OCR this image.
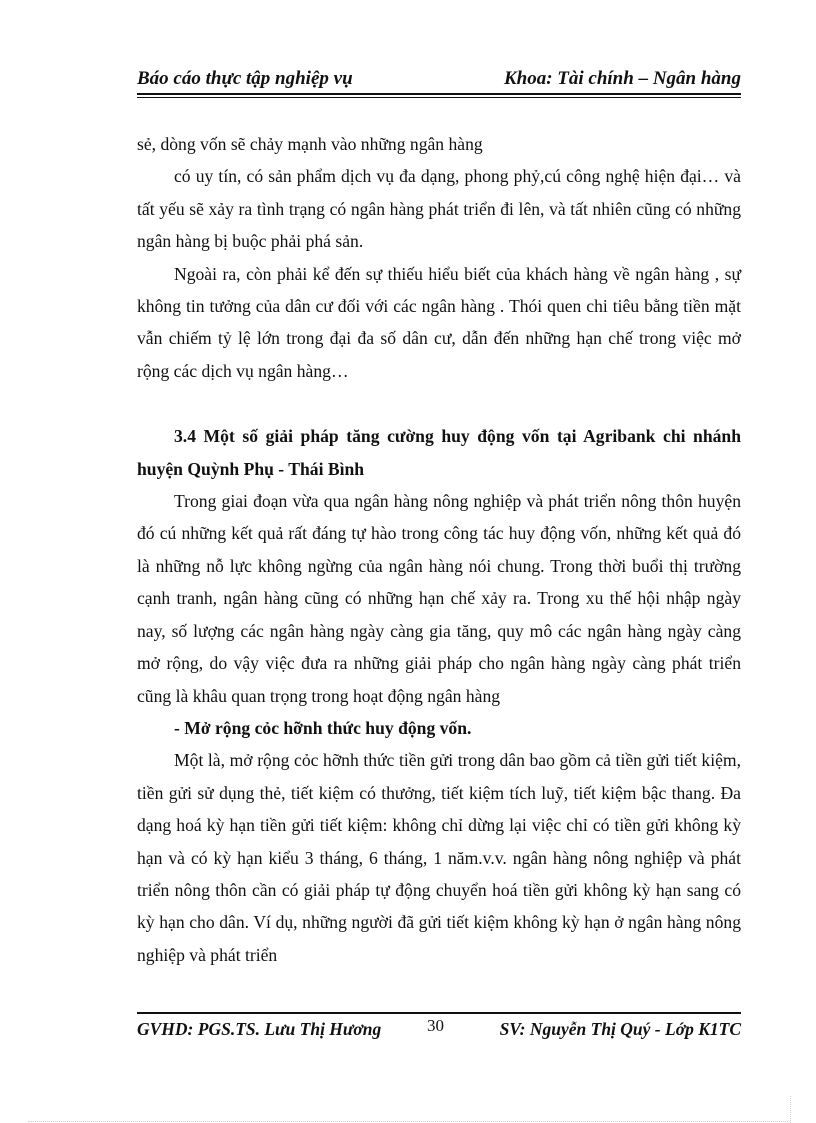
Báo cáo thực tập nghiệp vụ	Khoa: Tài chính – Ngân hàng

sẻ, dòng vốn sẽ chảy mạnh vào những ngân hàng

có uy tín, có sản phẩm dịch vụ đa dạng, phong phỷ,cú công nghệ hiện đại… và tất yếu sẽ xảy ra tình trạng có ngân hàng phát triển đi lên, và tất nhiên cũng có những ngân hàng bị buộc phải phá sản.

Ngoài ra, còn phải kể đến sự thiếu hiểu biết của khách hàng về ngân hàng , sự không tin tưởng của dân cư đối với các ngân hàng . Thói quen chi tiêu bằng tiền mặt vẫn chiếm tỷ lệ lớn trong đại đa số dân cư, dẫn đến những hạn chế trong việc mở rộng các dịch vụ ngân hàng…

3.4 Một số giải pháp tăng cường huy động vốn tại Agribank chi nhánh huyện Quỳnh Phụ - Thái Bình

Trong giai đoạn vừa qua ngân hàng nông nghiệp và phát triển nông thôn huyện đó cú những kết quả rất đáng tự hào trong công tác huy động vốn, những kết quả đó là những nỗ lực không ngừng của ngân hàng nói chung. Trong thời buổi thị trường cạnh tranh, ngân hàng cũng có những hạn chế xảy ra. Trong xu thế hội nhập ngày nay, số lượng các ngân hàng ngày càng gia tăng, quy mô các ngân hàng ngày càng mở rộng, do vậy việc đưa ra những giải pháp cho ngân hàng ngày càng phát triển cũng là khâu quan trọng trong hoạt động ngân hàng

- Mở rộng cỏc hỡnh thức huy động vốn.

Một là, mở rộng cỏc hỡnh thức tiền gửi trong dân bao gồm cả tiền gửi tiết kiệm, tiền gửi sử dụng thẻ, tiết kiệm có thưởng, tiết kiệm tích luỹ, tiết kiệm bậc thang. Đa dạng hoá kỳ hạn tiền gửi tiết kiệm: không chỉ dừng lại việc chỉ có tiền gửi không kỳ hạn và có kỳ hạn kiểu 3 tháng, 6 tháng, 1 năm.v.v. ngân hàng nông nghiệp và phát triển nông thôn cần có giải pháp tự động chuyển hoá tiền gửi không kỳ hạn sang có kỳ hạn cho dân. Ví dụ, những người đã gửi tiết kiệm không kỳ hạn ở ngân hàng nông nghiệp và phát triển

GVHD: PGS.TS. Lưu Thị Hương	30	SV: Nguyễn Thị Quý - Lớp K1TC
